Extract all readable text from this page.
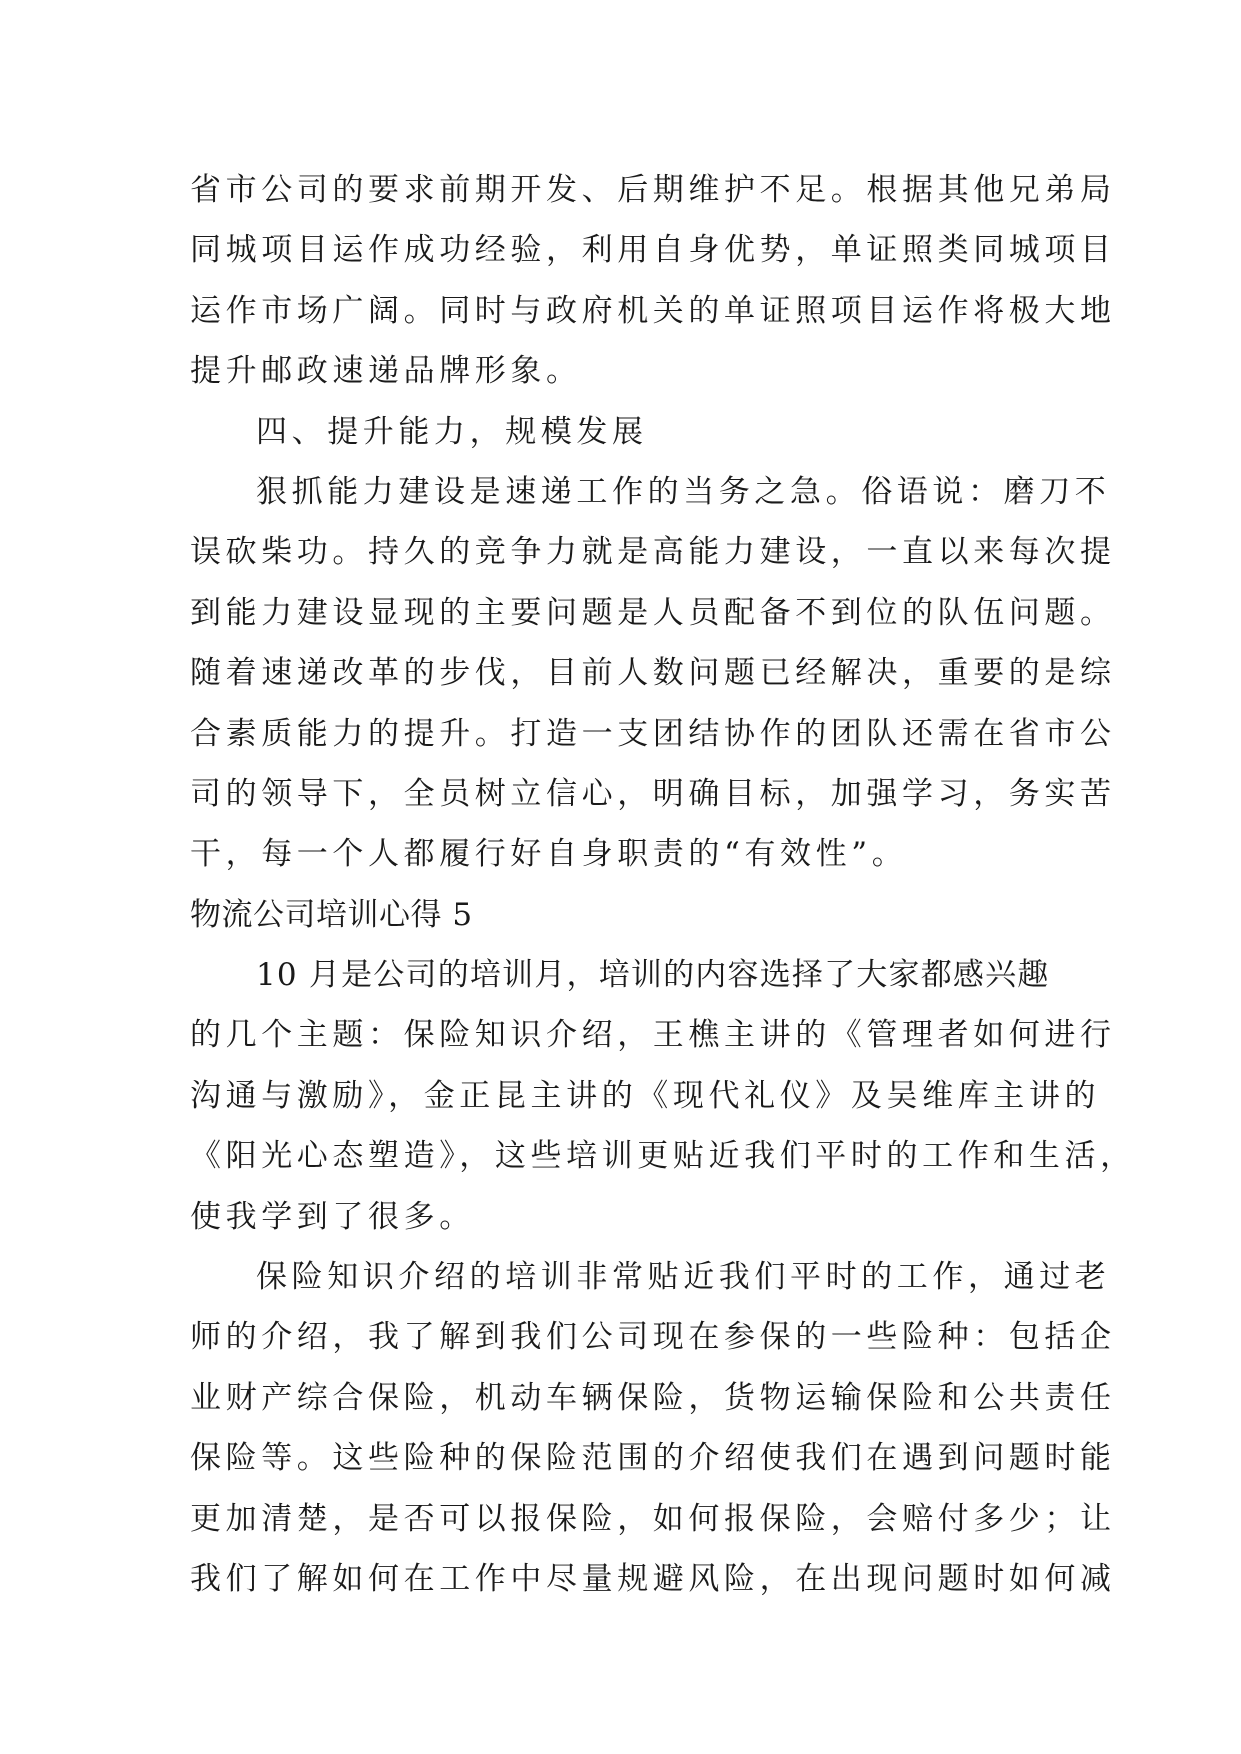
省市公司的要求前期开发、后期维护不足。根据其他兄弟局
同城项目运作成功经验，利用自身优势，单证照类同城项目
运作市场广阔。同时与政府机关的单证照项目运作将极大地
提升邮政速递品牌形象。
四、提升能力，规模发展
狠抓能力建设是速递工作的当务之急。俗语说：磨刀不
误砍柴功。持久的竞争力就是高能力建设，一直以来每次提
到能力建设显现的主要问题是人员配备不到位的队伍问题。
随着速递改革的步伐，目前人数问题已经解决，重要的是综
合素质能力的提升。打造一支团结协作的团队还需在省市公
司的领导下，全员树立信心，明确目标，加强学习，务实苦
干，每一个人都履行好自身职责的“有效性”。
物流公司培训心得 5
10 月是公司的培训月，培训的内容选择了大家都感兴趣
的几个主题：保险知识介绍，王樵主讲的《管理者如何进行
沟通与激励》，金正昆主讲的《现代礼仪》及吴维库主讲的
《阳光心态塑造》，这些培训更贴近我们平时的工作和生活，
使我学到了很多。
保险知识介绍的培训非常贴近我们平时的工作，通过老
师的介绍，我了解到我们公司现在参保的一些险种：包括企
业财产综合保险，机动车辆保险，货物运输保险和公共责任
保险等。这些险种的保险范围的介绍使我们在遇到问题时能
更加清楚，是否可以报保险，如何报保险，会赔付多少；让
我们了解如何在工作中尽量规避风险，在出现问题时如何减
